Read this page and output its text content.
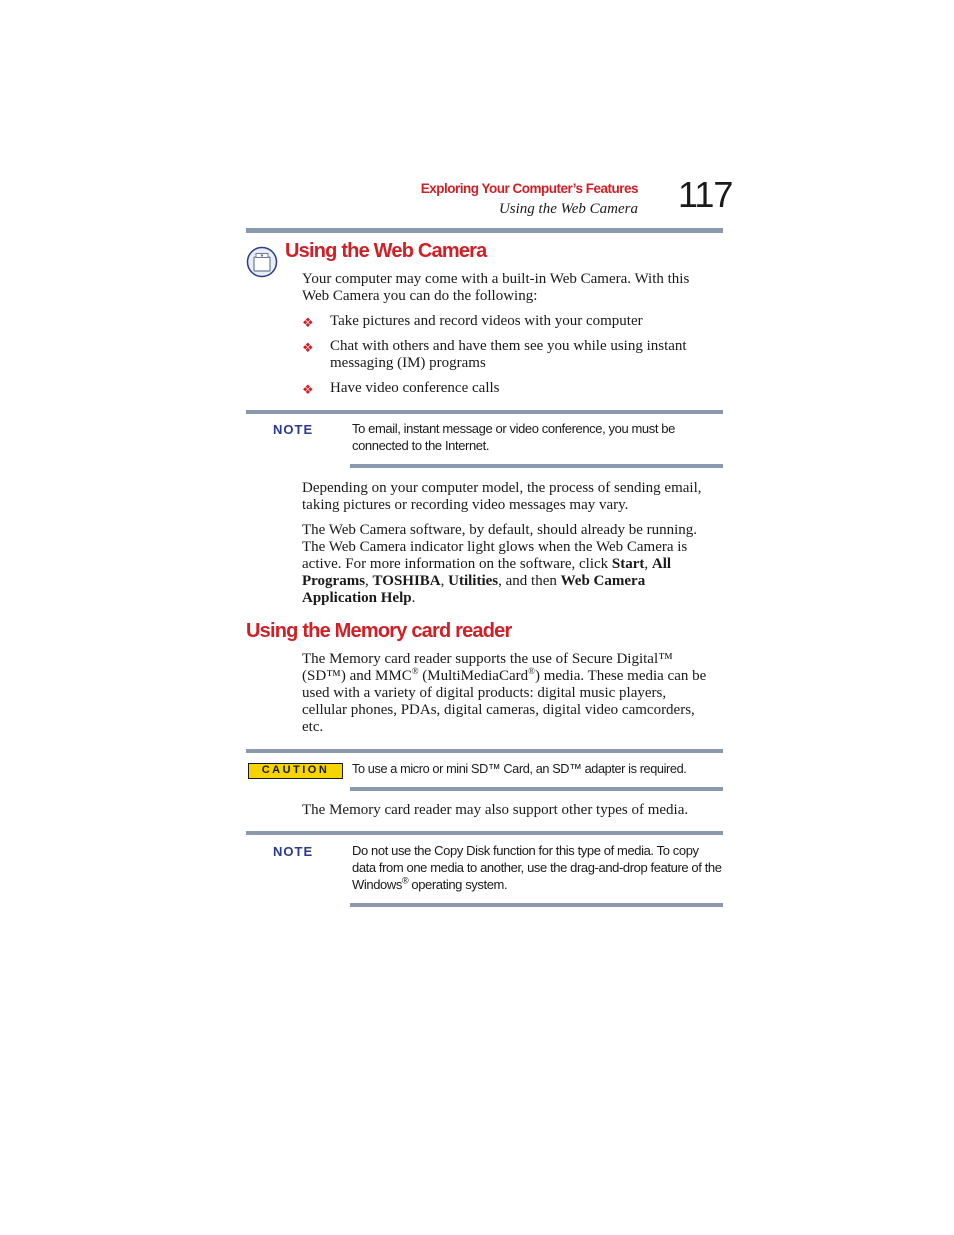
Exploring Your Computer’s Features
Using the Web Camera 117
Using the Web Camera
Your computer may come with a built-in Web Camera. With this
Web Camera you can do the following:
❖ Take pictures and record videos with your computer
❖ Chat with others and have them see you while using instant
messaging (IM) programs
❖ Have video conference calls
NOTE	To email, instant message or video conference, you must be
connected to the Internet.
Depending on your computer model, the process of sending email,
taking pictures or recording video messages may vary.
The Web Camera software, by default, should already be running.
The Web Camera indicator light glows when the Web Camera is
active. For more information on the software, click Start, All
Programs, TOSHIBA, Utilities, and then Web Camera
Application Help.
Using the Memory card reader
The Memory card reader supports the use of Secure Digital™
(SD™) and MMC® (MultiMediaCard®) media. These media can be
used with a variety of digital products: digital music players,
cellular phones, PDAs, digital cameras, digital video camcorders,
etc.
CAUTION	To use a micro or mini SD™ Card, an SD™ adapter is required.
The Memory card reader may also support other types of media.
NOTE	Do not use the Copy Disk function for this type of media. To copy
data from one media to another, use the drag-and-drop feature of the
Windows® operating system.
